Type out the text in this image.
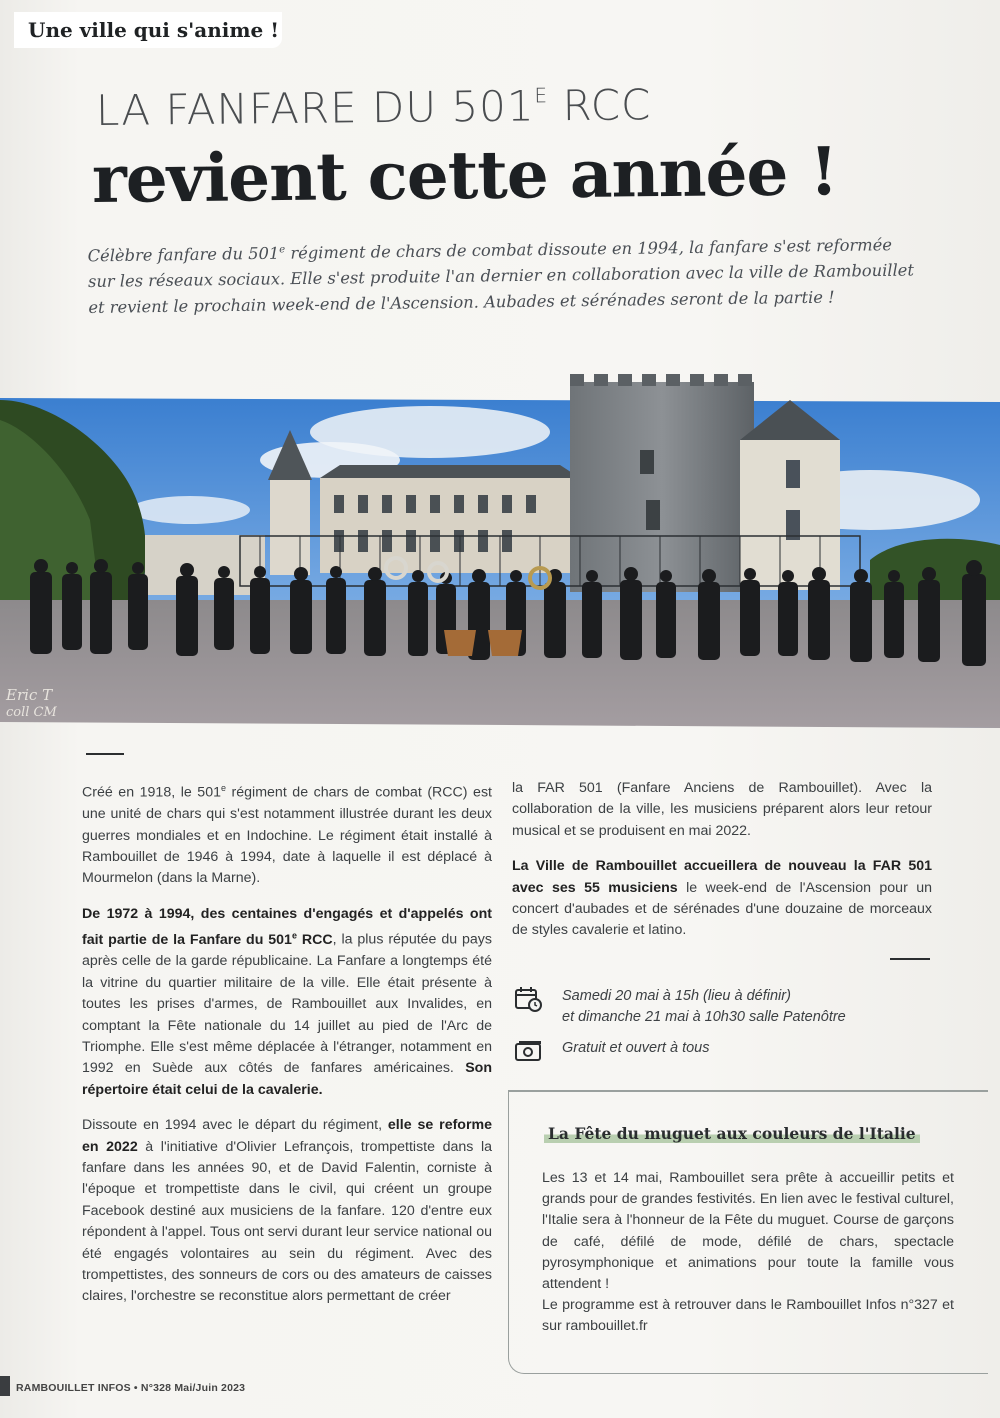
Une ville qui s'anime !
LA FANFARE DU $501^E$ RCC
revient cette année !
Célèbre fanfare du 501e régiment de chars de combat dissoute en 1994, la fanfare s'est reformée sur les réseaux sociaux. Elle s'est produite l'an dernier en collaboration avec la ville de Rambouillet et revient le prochain week-end de l'Ascension. Aubades et sérénades seront de la partie !
Eric T
coll CM

Créé en 1918, le 501e régiment de chars de combat (RCC) est une unité de chars qui s'est notamment illustrée durant les deux guerres mondiales et en Indochine. Le régiment était installé à Rambouillet de 1946 à 1994, date à laquelle il est déplacé à Mourmelon (dans la Marne).

De 1972 à 1994, des centaines d'engagés et d'appelés ont fait partie de la Fanfare du 501e RCC, la plus réputée du pays après celle de la garde républicaine. La Fanfare a longtemps été la vitrine du quartier militaire de la ville. Elle était présente à toutes les prises d'armes, de Rambouillet aux Invalides, en comptant la Fête nationale du 14 juillet au pied de l'Arc de Triomphe. Elle s'est même déplacée à l'étranger, notamment en 1992 en Suède aux côtés de fanfares américaines. Son répertoire était celui de la cavalerie.

Dissoute en 1994 avec le départ du régiment, elle se reforme en 2022 à l'initiative d'Olivier Lefrançois, trompettiste dans la fanfare dans les années 90, et de David Falentin, corniste à l'époque et trompettiste dans le civil, qui créent un groupe Facebook destiné aux musiciens de la fanfare. 120 d'entre eux répondent à l'appel. Tous ont servi durant leur service national ou été engagés volontaires au sein du régiment. Avec des trompettistes, des sonneurs de cors ou des amateurs de caisses claires, l'orchestre se reconstitue alors permettant de créer

la FAR 501 (Fanfare Anciens de Rambouillet). Avec la collaboration de la ville, les musiciens préparent alors leur retour musical et se produisent en mai 2022.

La Ville de Rambouillet accueillera de nouveau la FAR 501 avec ses 55 musiciens le week-end de l'Ascension pour un concert d'aubades et de sérénades d'une douzaine de morceaux de styles cavalerie et latino.

Samedi 20 mai à 15h (lieu à définir)
et dimanche 21 mai à 10h30 salle Patenôtre
Gratuit et ouvert à tous
La Fête du muguet aux couleurs de l'Italie

Les 13 et 14 mai, Rambouillet sera prête à accueillir petits et grands pour de grandes festivités. En lien avec le festival culturel, l'Italie sera à l'honneur de la Fête du muguet. Course de garçons de café, défilé de mode, défilé de chars, spectacle pyrosymphonique et animations pour toute la famille vous attendent !

Le programme est à retrouver dans le Rambouillet Infos n°327 et sur rambouillet.fr

RAMBOUILLET INFOS • N°328 Mai/Juin 2023
